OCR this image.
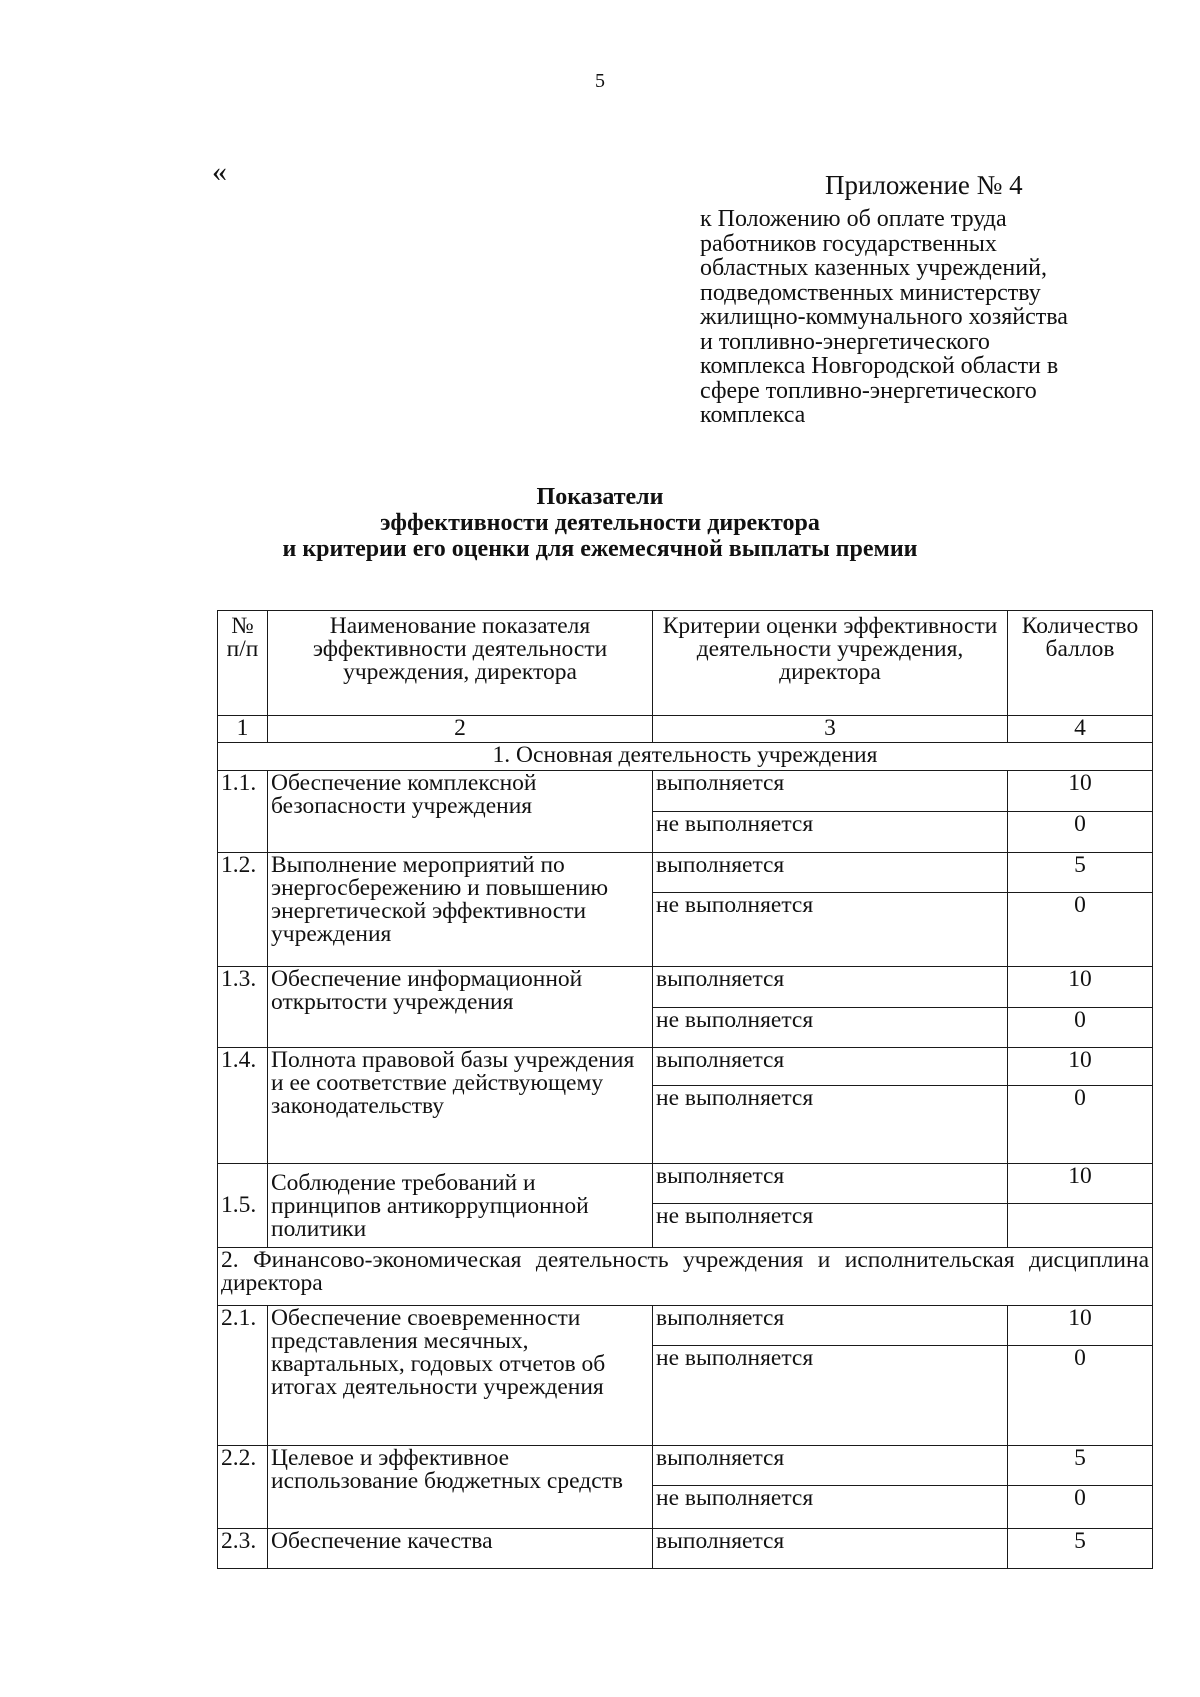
5
«	Приложение № 4
к Положению об оплате труда
работников государственных
областных казенных учреждений,
подведомственных министерству
жилищно-коммунального хозяйства
и топливно-энергетического
комплекса Новгородской области в
сфере топливно-энергетического
комплекса
Показатели
эффективности деятельности директора
и критерии его оценки для ежемесячной выплаты премии
№ п/п	Наименование показателя эффективности деятельности учреждения, директора	Критерии оценки эффективности деятельности учреждения, директора	Количество баллов
1	2	3	4
1. Основная деятельность учреждения			
1.1.	Обеспечение комплексной безопасности учреждения	выполняется	10
		не выполняется	0
1.2.	Выполнение мероприятий по энергосбережению и повышению энергетической эффективности учреждения	выполняется	5
		не выполняется	0
1.3.	Обеспечение информационной открытости учреждения	выполняется	10
		не выполняется	0
1.4.	Полнота правовой базы учреждения и ее соответствие действующему законодательству	выполняется	10
		не выполняется	0
1.5.	Соблюдение требований и принципов антикоррупционной политики	выполняется	10
		не выполняется	
2. Финансово-экономическая деятельность учреждения и исполнительская дисциплина директора			
2.1.	Обеспечение своевременности представления месячных, квартальных, годовых отчетов об итогах деятельности учреждения	выполняется	10
		не выполняется	0
2.2.	Целевое и эффективное использование бюджетных средств	выполняется	5
		не выполняется	0
2.3.	Обеспечение качества	выполняется	5
